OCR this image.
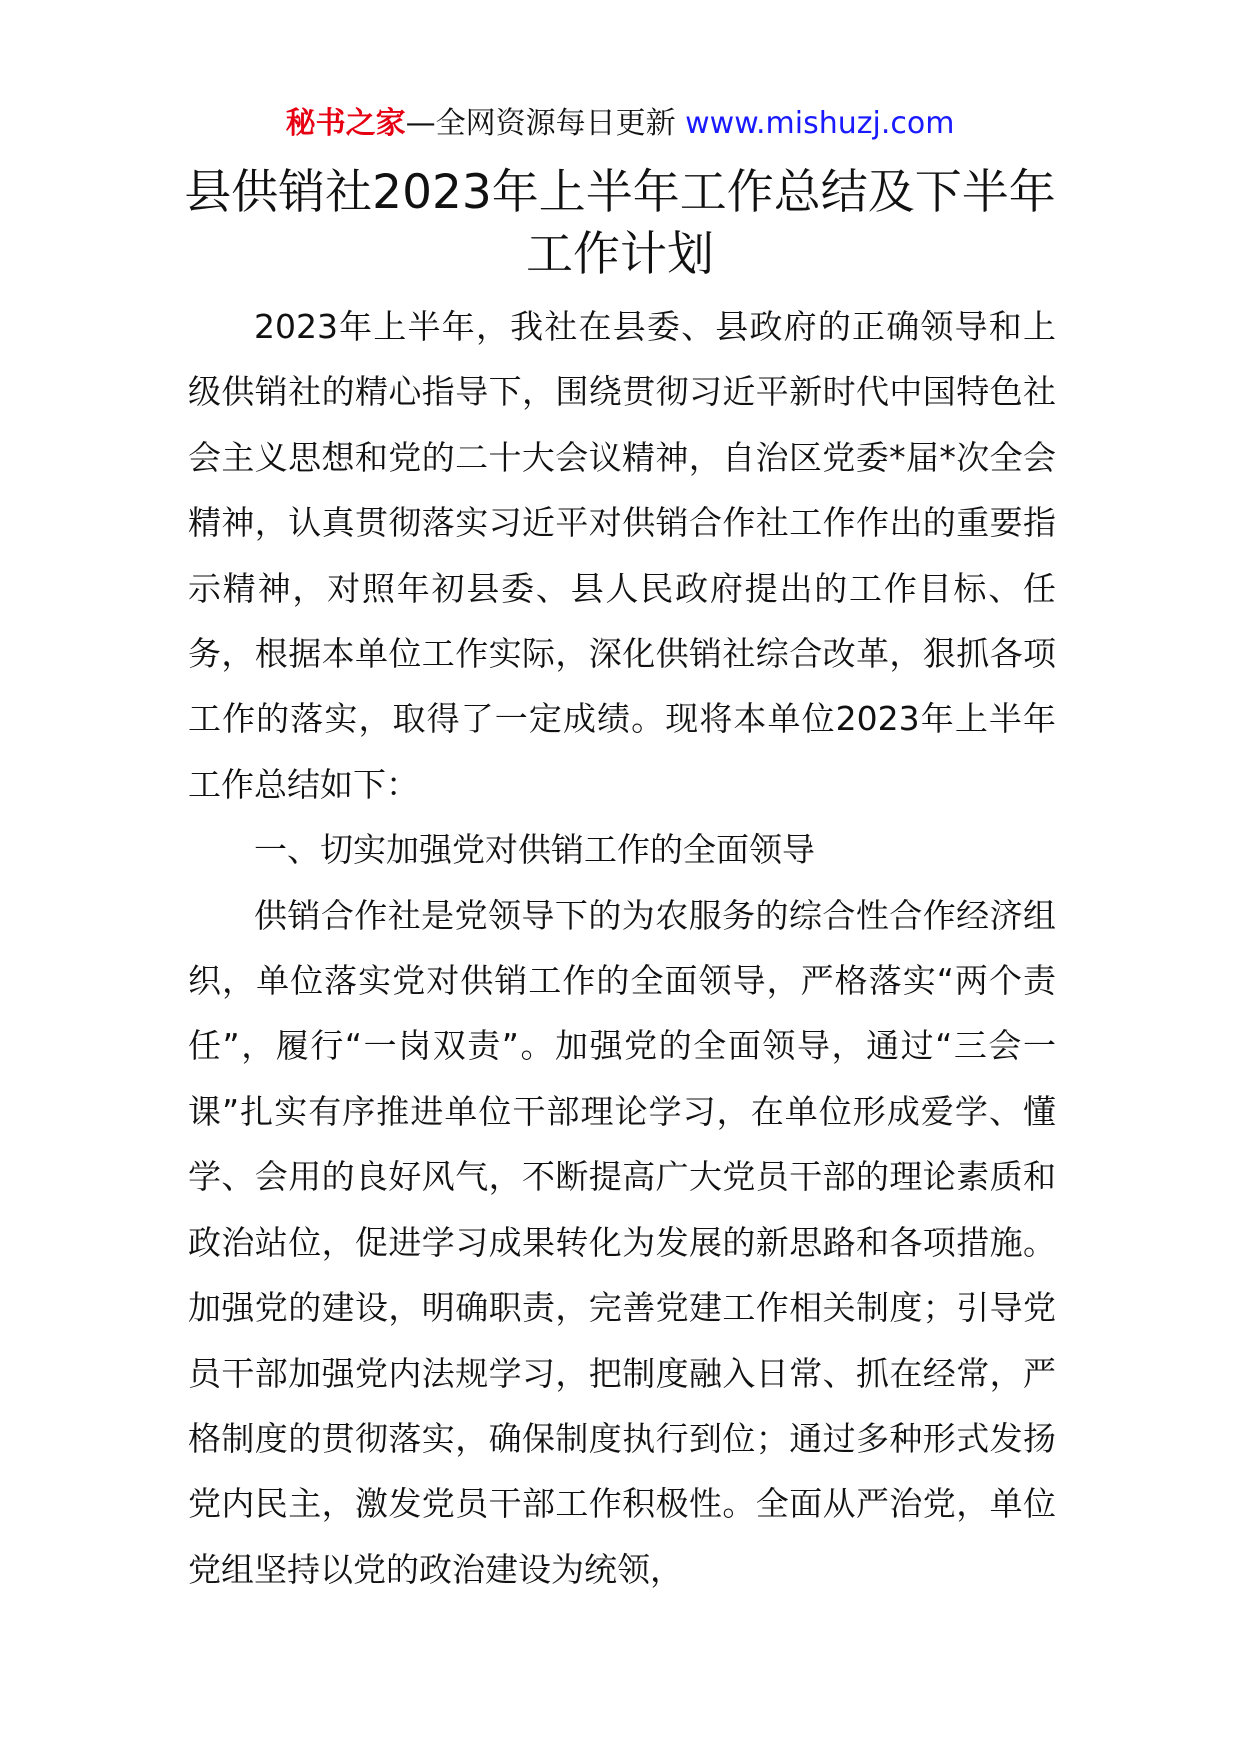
秘书之家—全网资源每日更新 www.mishuzj.com
县供销社2023年上半年工作总结及下半年工作计划

2023年上半年，我社在县委、县政府的正确领导和上级供销社的精心指导下，围绕贯彻习近平新时代中国特色社会主义思想和党的二十大会议精神，自治区党委*届*次全会精神，认真贯彻落实习近平对供销合作社工作作出的重要指示精神，对照年初县委、县人民政府提出的工作目标、任务，根据本单位工作实际，深化供销社综合改革，狠抓各项工作的落实，取得了一定成绩。现将本单位2023年上半年工作总结如下：

一、切实加强党对供销工作的全面领导

供销合作社是党领导下的为农服务的综合性合作经济组织，单位落实党对供销工作的全面领导，严格落实“两个责任”，履行“一岗双责”。加强党的全面领导，通过“三会一课”扎实有序推进单位干部理论学习，在单位形成爱学、懂学、会用的良好风气，不断提高广大党员干部的理论素质和政治站位，促进学习成果转化为发展的新思路和各项措施。加强党的建设，明确职责，完善党建工作相关制度；引导党员干部加强党内法规学习，把制度融入日常、抓在经常，严格制度的贯彻落实，确保制度执行到位；通过多种形式发扬党内民主，激发党员干部工作积极性。全面从严治党，单位党组坚持以党的政治建设为统领，
